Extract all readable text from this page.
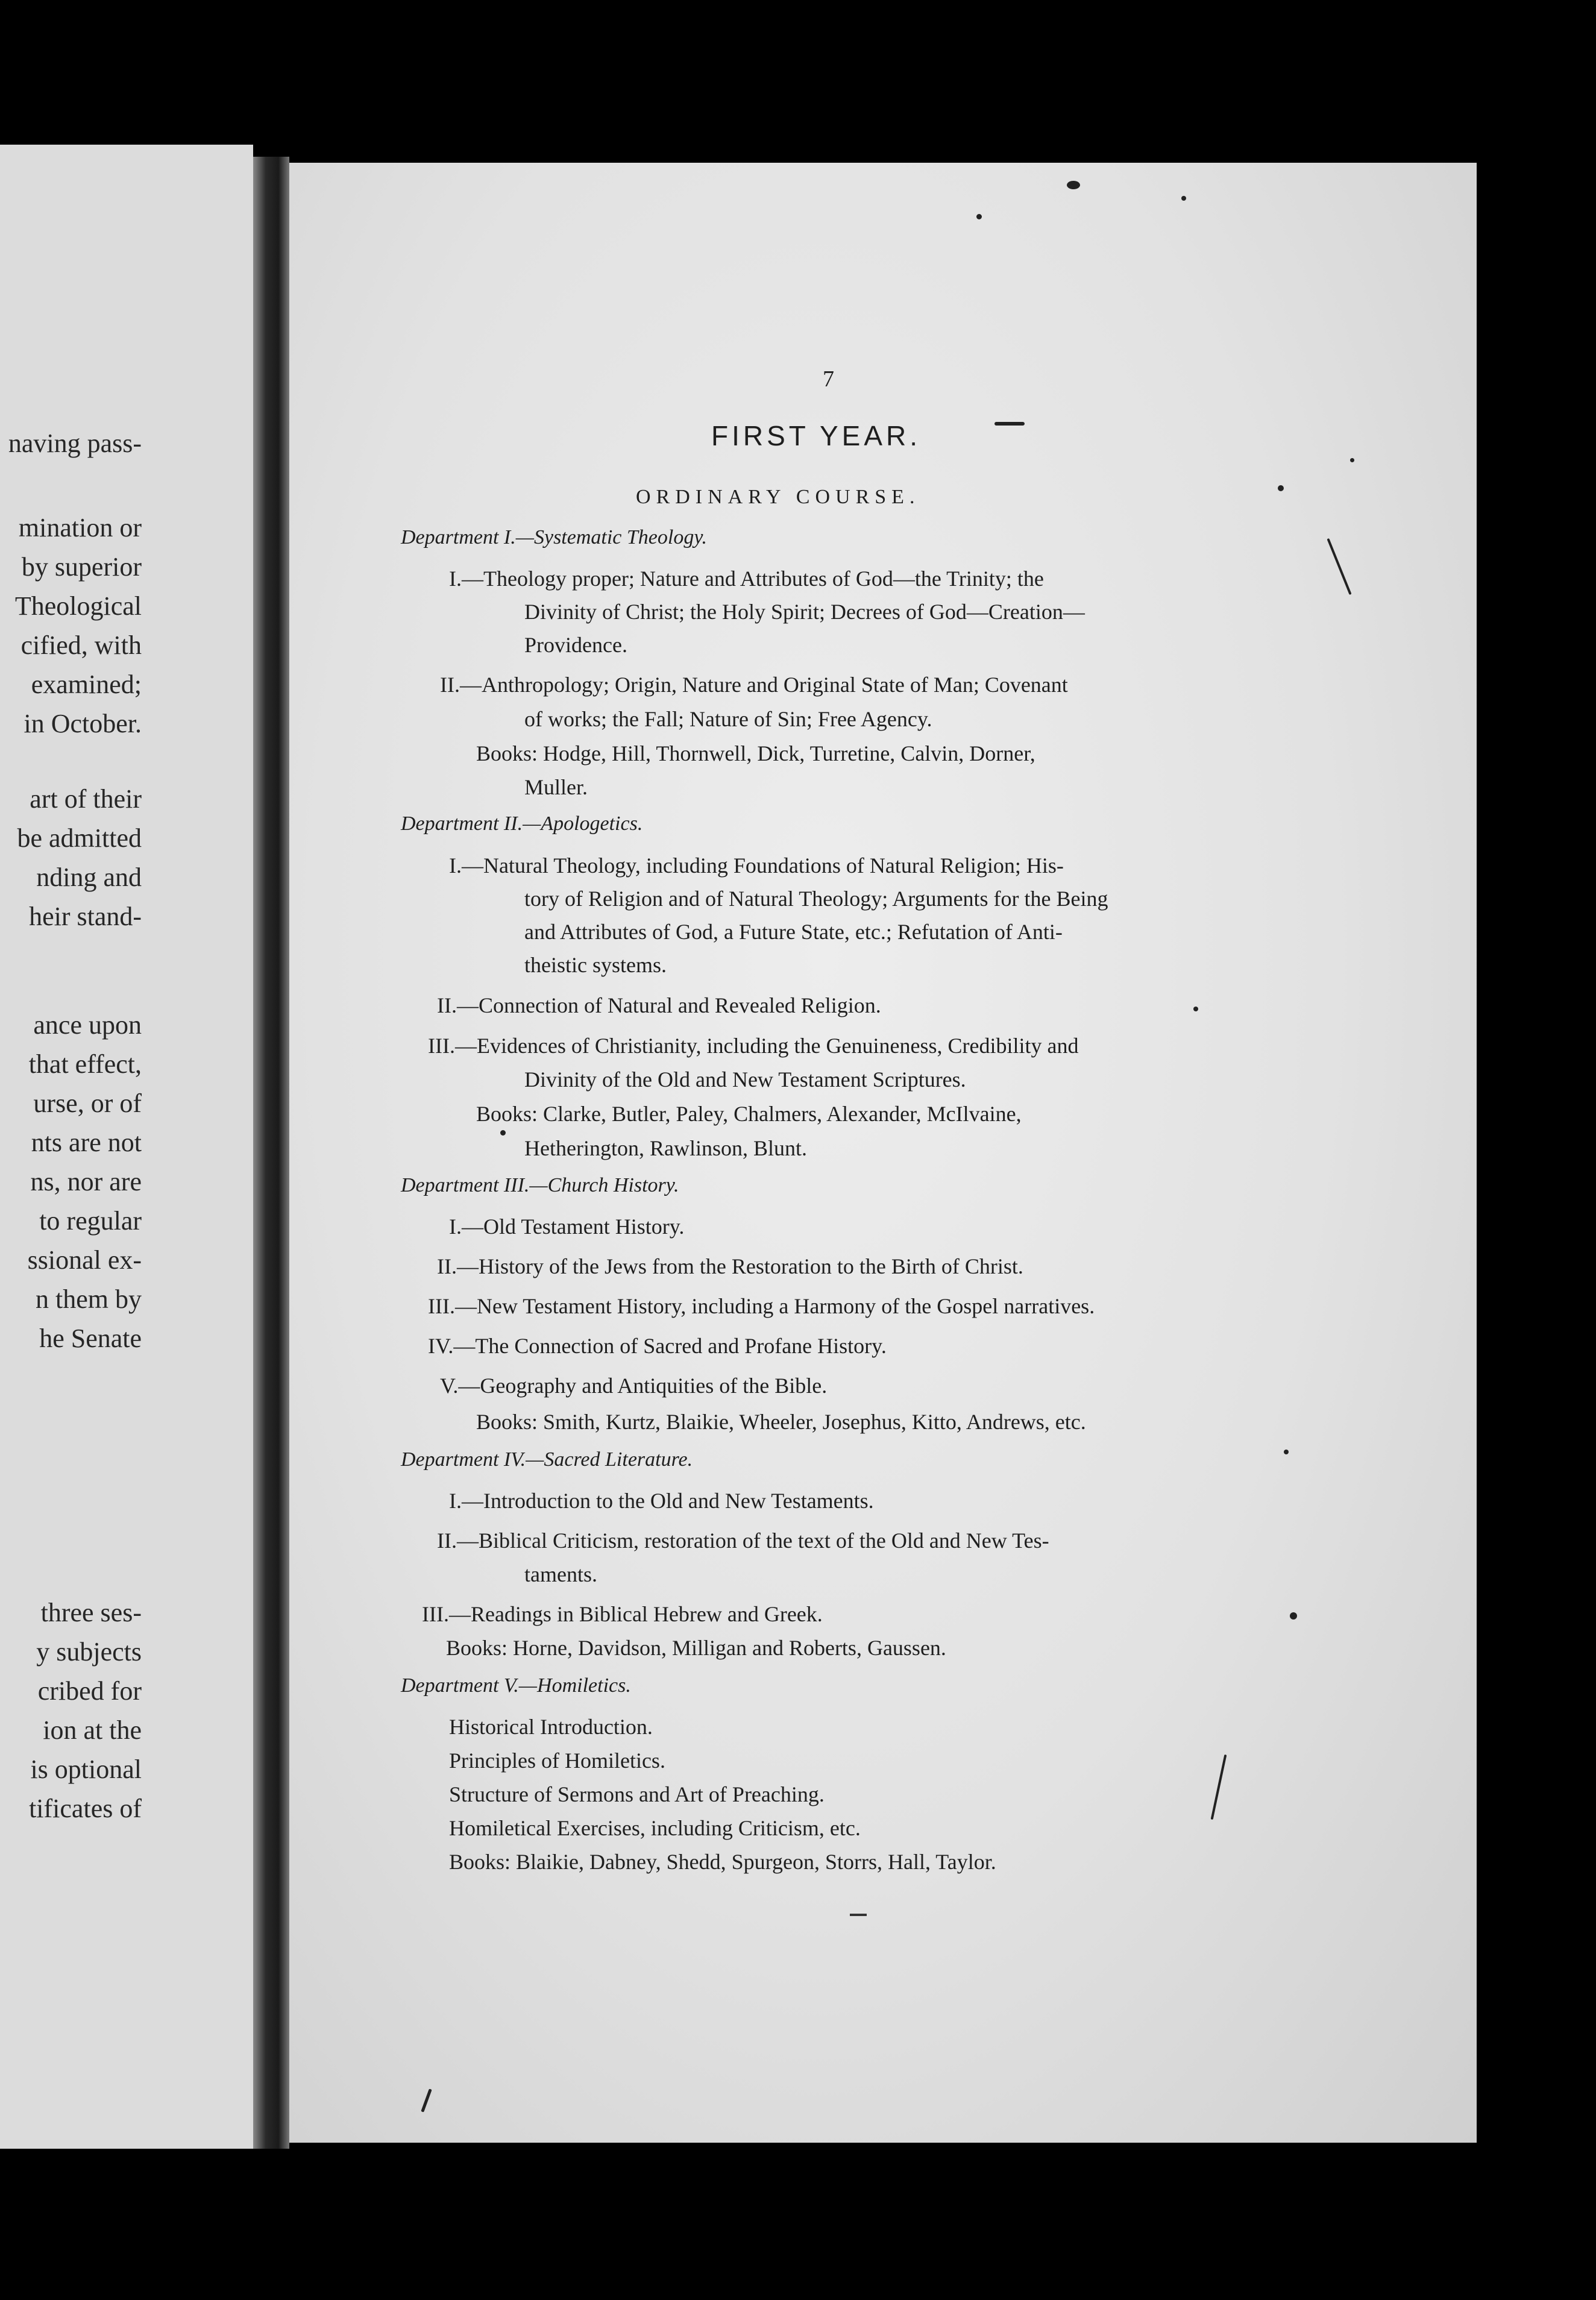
naving pass-
mination or
by superior
Theological
cified, with
examined;
in October.
art of their
be admitted
nding and
heir stand-
ance upon
that effect,
urse, or of
nts are not
ns, nor are
to regular
ssional ex-
n them by
he Senate
three ses-
y subjects
cribed for
ion at the
is optional
tificates of
7
FIRST YEAR.
ORDINARY COURSE.
Department I.—Systematic Theology.
I.—Theology proper; Nature and Attributes of God—the Trinity; the
Divinity of Christ; the Holy Spirit; Decrees of God—Creation—
Providence.
II.—Anthropology; Origin, Nature and Original State of Man; Covenant
of works; the Fall; Nature of Sin; Free Agency.
Books: Hodge, Hill, Thornwell, Dick, Turretine, Calvin, Dorner,
Muller.
Department II.—Apologetics.
I.—Natural Theology, including Foundations of Natural Religion; His-
tory of Religion and of Natural Theology; Arguments for the Being
and Attributes of God, a Future State, etc.; Refutation of Anti-
theistic systems.
II.—Connection of Natural and Revealed Religion.
III.—Evidences of Christianity, including the Genuineness, Credibility and
Divinity of the Old and New Testament Scriptures.
Books: Clarke, Butler, Paley, Chalmers, Alexander, McIlvaine,
Hetherington, Rawlinson, Blunt.
Department III.—Church History.
I.—Old Testament History.
II.—History of the Jews from the Restoration to the Birth of Christ.
III.—New Testament History, including a Harmony of the Gospel narratives.
IV.—The Connection of Sacred and Profane History.
V.—Geography and Antiquities of the Bible.
Books: Smith, Kurtz, Blaikie, Wheeler, Josephus, Kitto, Andrews, etc.
Department IV.—Sacred Literature.
I.—Introduction to the Old and New Testaments.
II.—Biblical Criticism, restoration of the text of the Old and New Tes-
taments.
III.—Readings in Biblical Hebrew and Greek.
Books: Horne, Davidson, Milligan and Roberts, Gaussen.
Department V.—Homiletics.
Historical Introduction.
Principles of Homiletics.
Structure of Sermons and Art of Preaching.
Homiletical Exercises, including Criticism, etc.
Books: Blaikie, Dabney, Shedd, Spurgeon, Storrs, Hall, Taylor.
